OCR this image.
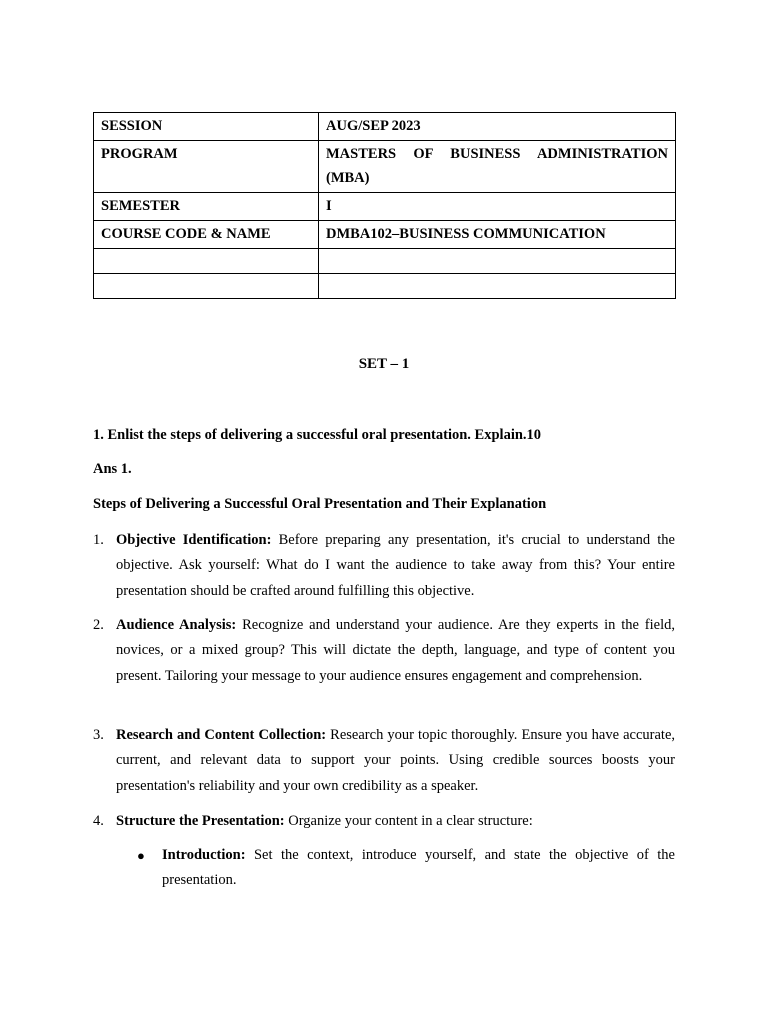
SESSION	AUG/SEP 2023
PROGRAM	MASTERS OF BUSINESS ADMINISTRATION (MBA)
SEMESTER	I
COURSE CODE & NAME	DMBA102–BUSINESS COMMUNICATION

SET – 1
1. Enlist the steps of delivering a successful oral presentation. Explain.10
Ans 1.
Steps of Delivering a Successful Oral Presentation and Their Explanation
1. Objective Identification: Before preparing any presentation, it's crucial to understand the objective. Ask yourself: What do I want the audience to take away from this? Your entire presentation should be crafted around fulfilling this objective.
2. Audience Analysis: Recognize and understand your audience. Are they experts in the field, novices, or a mixed group? This will dictate the depth, language, and type of content you present. Tailoring your message to your audience ensures engagement and comprehension.
3. Research and Content Collection: Research your topic thoroughly. Ensure you have accurate, current, and relevant data to support your points. Using credible sources boosts your presentation's reliability and your own credibility as a speaker.
4. Structure the Presentation: Organize your content in a clear structure:
● Introduction: Set the context, introduce yourself, and state the objective of the presentation.
